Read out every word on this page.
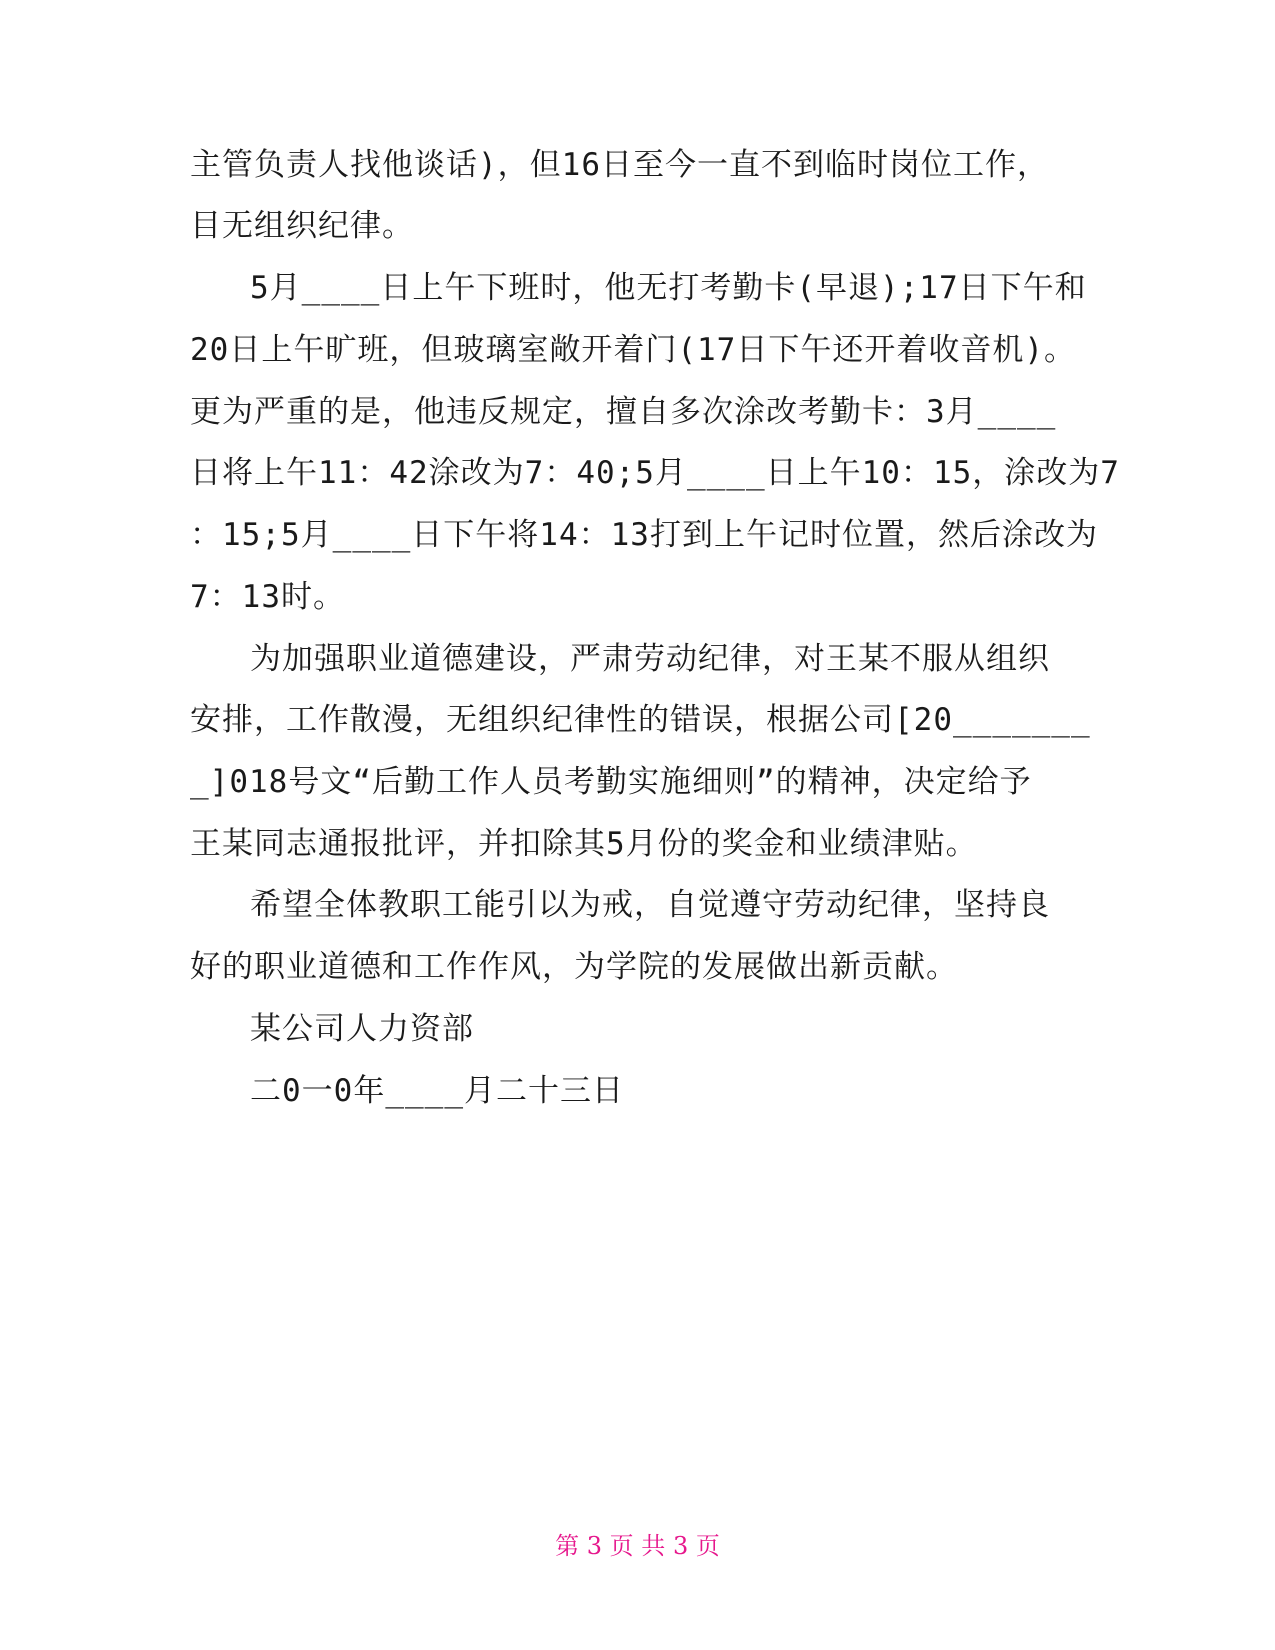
主管负责人找他谈话)，但16日至今一直不到临时岗位工作，
目无组织纪律。
5月____日上午下班时，他无打考勤卡(早退);17日下午和
20日上午旷班，但玻璃室敞开着门(17日下午还开着收音机)。
更为严重的是，他违反规定，擅自多次涂改考勤卡：3月____
日将上午11：42涂改为7：40;5月____日上午10：15，涂改为7
：15;5月____日下午将14：13打到上午记时位置，然后涂改为
7：13时。
为加强职业道德建设，严肃劳动纪律，对王某不服从组织
安排，工作散漫，无组织纪律性的错误，根据公司[20_______
_]018号文“后勤工作人员考勤实施细则”的精神，决定给予
王某同志通报批评，并扣除其5月份的奖金和业绩津贴。
希望全体教职工能引以为戒，自觉遵守劳动纪律，坚持良
好的职业道德和工作作风，为学院的发展做出新贡献。
某公司人力资部
二0一0年____月二十三日
第 3 页 共 3 页
